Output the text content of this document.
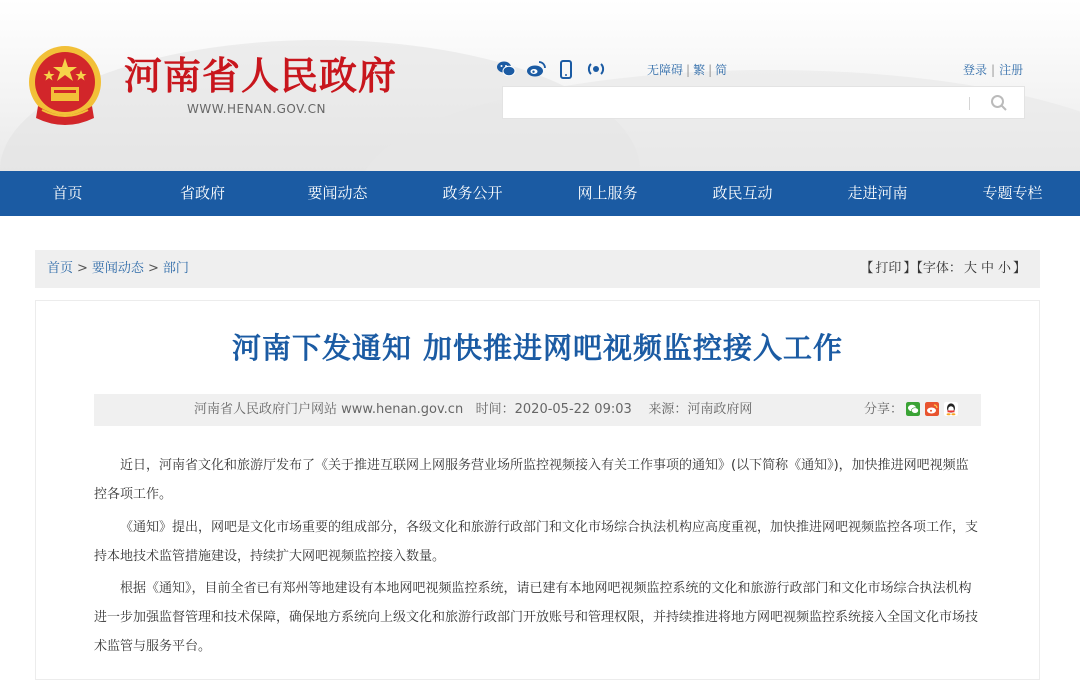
河南省人民政府
WWW.HENAN.GOV.CN
无障碍 | 繁 | 简	登录 | 注册
首页	省政府	要闻动态	政务公开	网上服务	政民互动	走进河南	专题专栏
首页 > 要闻动态 > 部门	【 打印 】【字体： 大 中 小 】
河南下发通知 加快推进网吧视频监控接入工作
河南省人民政府门户网站 www.henan.gov.cn 时间：2020-05-22 09:03 来源：河南政府网	分享：

近日，河南省文化和旅游厅发布了《关于推进互联网上网服务营业场所监控视频接入有关工作事项的通知》(以下简称《通知》)，加快推进网吧视频监控各项工作。

《通知》提出，网吧是文化市场重要的组成部分，各级文化和旅游行政部门和文化市场综合执法机构应高度重视，加快推进网吧视频监控各项工作，支持本地技术监管措施建设，持续扩大网吧视频监控接入数量。

根据《通知》，目前全省已有郑州等地建设有本地网吧视频监控系统，请已建有本地网吧视频监控系统的文化和旅游行政部门和文化市场综合执法机构进一步加强监督管理和技术保障，确保地方系统向上级文化和旅游行政部门开放账号和管理权限，并持续推进将地方网吧视频监控系统接入全国文化市场技术监管与服务平台。
